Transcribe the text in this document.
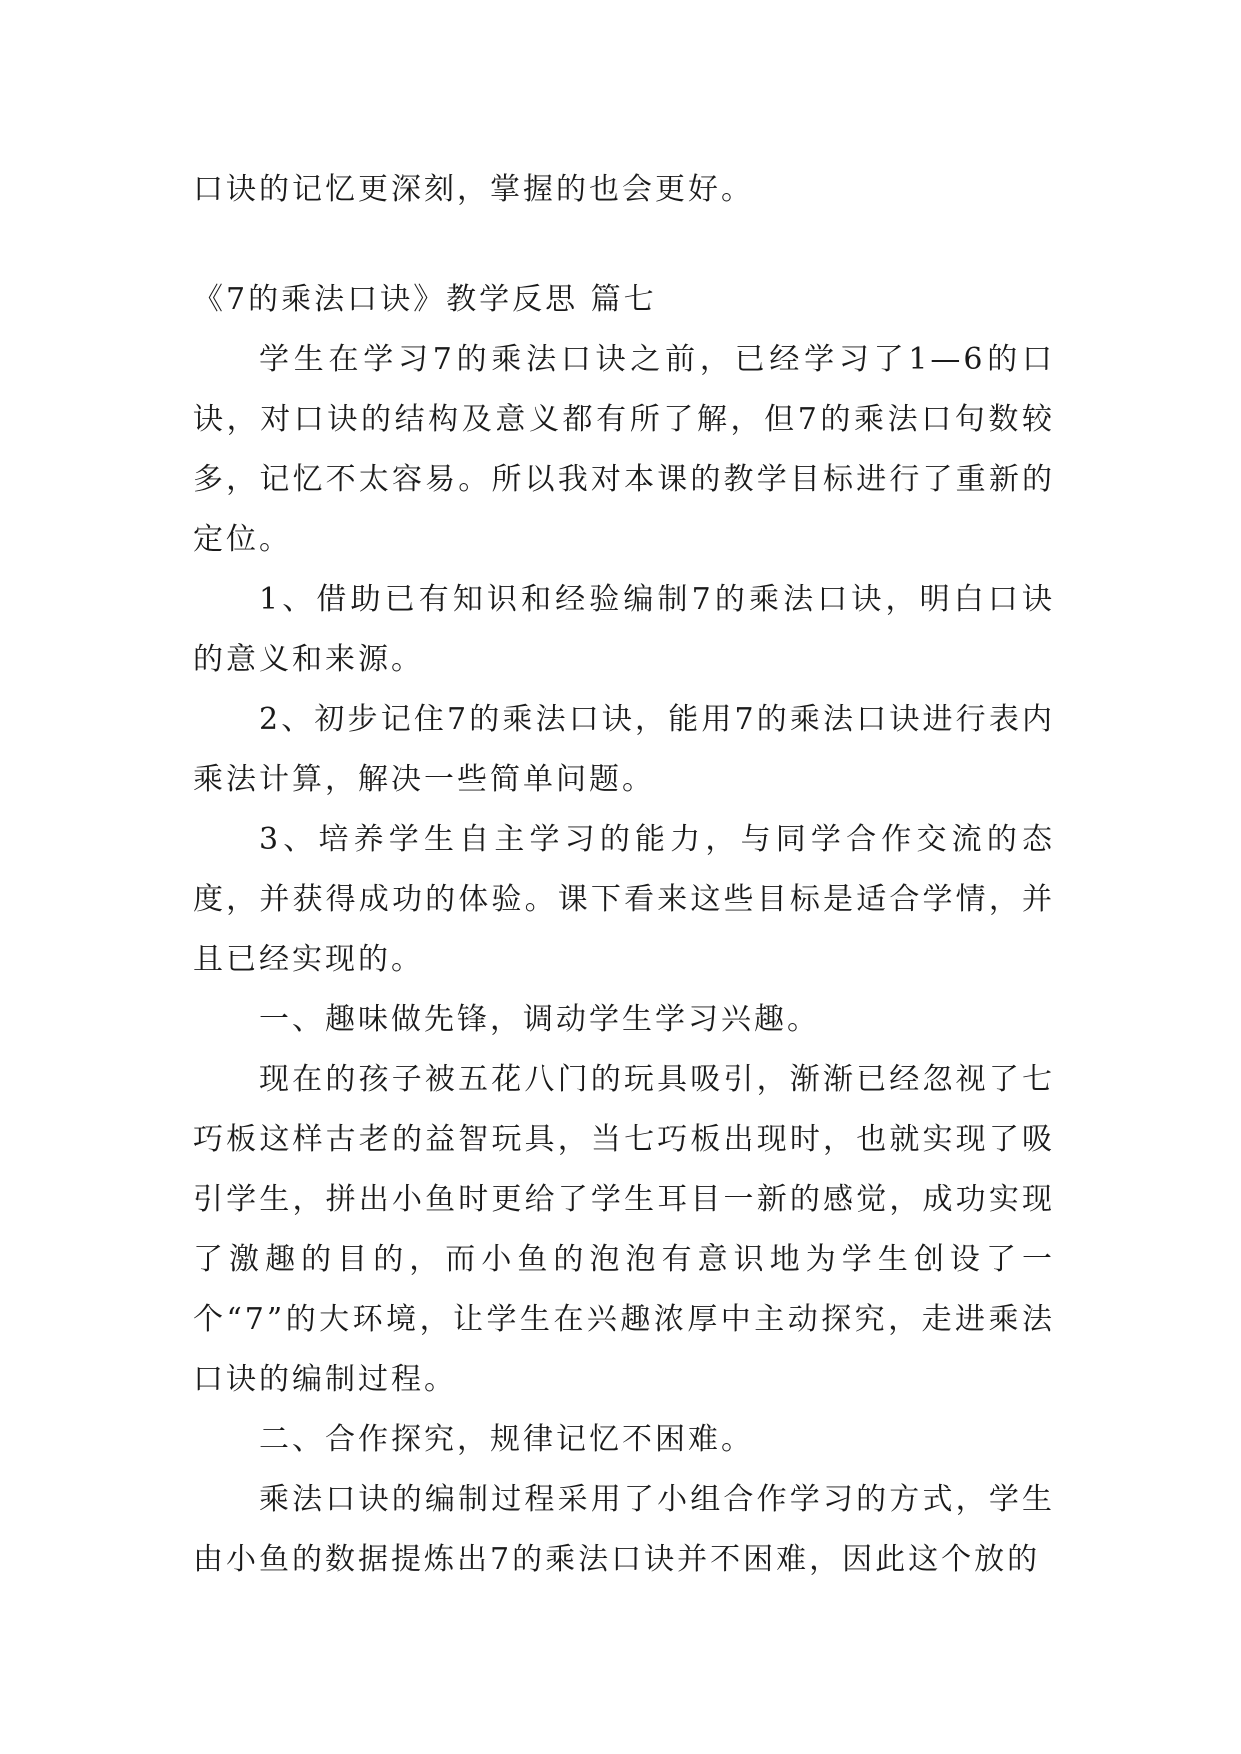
口诀的记忆更深刻，掌握的也会更好。

《7的乘法口诀》教学反思 篇七

学生在学习7的乘法口诀之前，已经学习了1—6的口诀，对口诀的结构及意义都有所了解，但7的乘法口句数较多，记忆不太容易。所以我对本课的教学目标进行了重新的定位。

1、借助已有知识和经验编制7的乘法口诀，明白口诀的意义和来源。

2、初步记住7的乘法口诀，能用7的乘法口诀进行表内乘法计算，解决一些简单问题。

3、培养学生自主学习的能力，与同学合作交流的态度，并获得成功的体验。课下看来这些目标是适合学情，并且已经实现的。

一、趣味做先锋，调动学生学习兴趣。

现在的孩子被五花八门的玩具吸引，渐渐已经忽视了七巧板这样古老的益智玩具，当七巧板出现时，也就实现了吸引学生，拼出小鱼时更给了学生耳目一新的感觉，成功实现了激趣的目的，而小鱼的泡泡有意识地为学生创设了一个“7”的大环境，让学生在兴趣浓厚中主动探究，走进乘法口诀的编制过程。

二、合作探究，规律记忆不困难。

乘法口诀的编制过程采用了小组合作学习的方式，学生由小鱼的数据提炼出7的乘法口诀并不困难，因此这个放的
